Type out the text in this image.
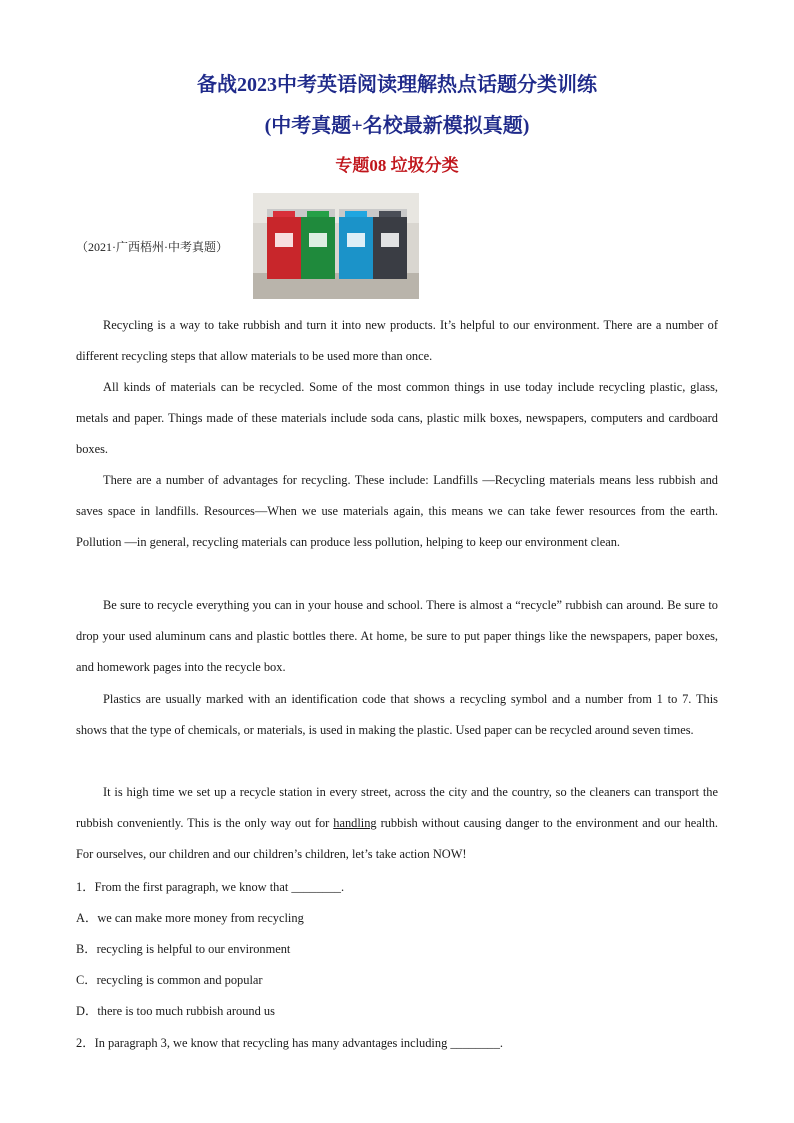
备战2023中考英语阅读理解热点话题分类训练
(中考真题+名校最新模拟真题)
专题08 垃圾分类
（2021·广西梧州·中考真题）
Recycling is a way to take rubbish and turn it into new products. It’s helpful to our environment. There are a number of different recycling steps that allow materials to be used more than once.
All kinds of materials can be recycled. Some of the most common things in use today include recycling plastic, glass, metals and paper. Things made of these materials include soda cans, plastic milk boxes, newspapers, computers and cardboard boxes.
There are a number of advantages for recycling. These include: Landfills —Recycling materials means less rubbish and saves space in landfills. Resources—When we use materials again, this means we can take fewer resources from the earth. Pollution —in general, recycling materials can produce less pollution, helping to keep our environment clean.
Be sure to recycle everything you can in your house and school. There is almost a “recycle” rubbish can around. Be sure to drop your used aluminum cans and plastic bottles there. At home, be sure to put paper things like the newspapers, paper boxes, and homework pages into the recycle box.
Plastics are usually marked with an identification code that shows a recycling symbol and a number from 1 to 7. This shows that the type of chemicals, or materials, is used in making the plastic. Used paper can be recycled around seven times.
It is high time we set up a recycle station in every street, across the city and the country, so the cleaners can transport the rubbish conveniently. This is the only way out for handling rubbish without causing danger to the environment and our health. For ourselves, our children and our children’s children, let’s take action NOW!
1．From the first paragraph, we know that ________.
A．we can make more money from recycling
B．recycling is helpful to our environment
C．recycling is common and popular
D．there is too much rubbish around us
2．In paragraph 3, we know that recycling has many advantages including ________.
